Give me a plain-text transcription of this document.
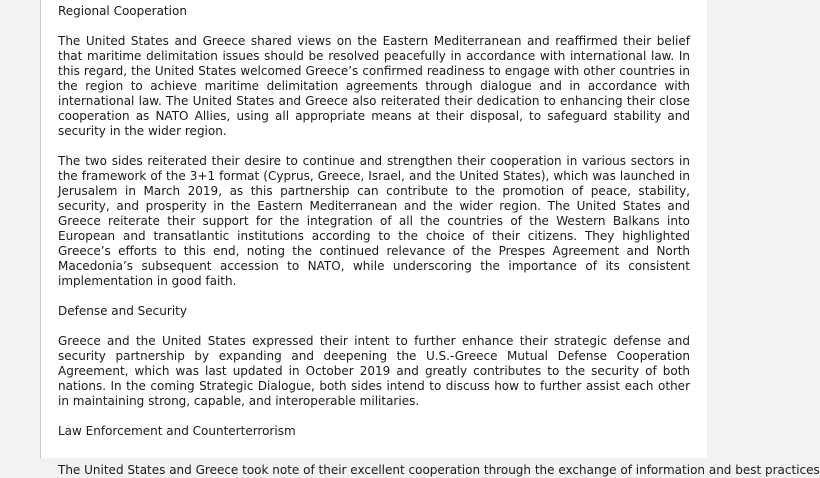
Regional Cooperation

The United States and Greece shared views on the Eastern Mediterranean and reaffirmed their belief that maritime delimitation issues should be resolved peacefully in accordance with international law. In this regard, the United States welcomed Greece’s confirmed readiness to engage with other countries in the region to achieve maritime delimitation agreements through dialogue and in accordance with international law. The United States and Greece also reiterated their dedication to enhancing their close cooperation as NATO Allies, using all appropriate means at their disposal, to safeguard stability and security in the wider region.

The two sides reiterated their desire to continue and strengthen their cooperation in various sectors in the framework of the 3+1 format (Cyprus, Greece, Israel, and the United States), which was launched in Jerusalem in March 2019, as this partnership can contribute to the promotion of peace, stability, security, and prosperity in the Eastern Mediterranean and the wider region. The United States and Greece reiterate their support for the integration of all the countries of the Western Balkans into European and transatlantic institutions according to the choice of their citizens. They highlighted Greece’s efforts to this end, noting the continued relevance of the Prespes Agreement and North Macedonia’s subsequent accession to NATO, while underscoring the importance of its consistent implementation in good faith.

Defense and Security

Greece and the United States expressed their intent to further enhance their strategic defense and security partnership by expanding and deepening the U.S.-Greece Mutual Defense Cooperation Agreement, which was last updated in October 2019 and greatly contributes to the security of both nations. In the coming Strategic Dialogue, both sides intend to discuss how to further assist each other in maintaining strong, capable, and interoperable militaries.

Law Enforcement and Counterterrorism

The United States and Greece took note of their excellent cooperation through the exchange of information and best practices
